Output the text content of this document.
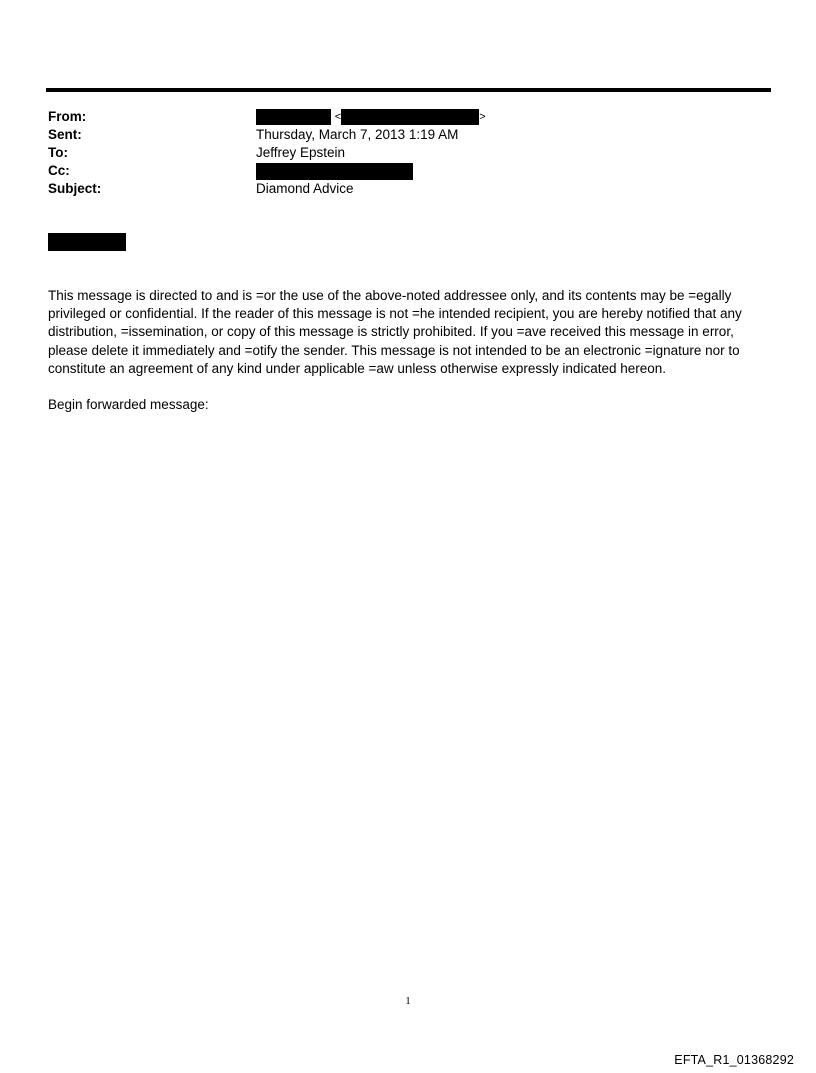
From:	<	>
Sent:	Thursday, March 7, 2013 1:19 AM
To:	Jeffrey Epstein
Cc:
Subject:	Diamond Advice
This message is directed to and is =or the use of the above-noted addressee only, and its contents may be =egally privileged or confidential. If the reader of this message is not =he intended recipient, you are hereby notified that any distribution, =issemination, or copy of this message is strictly prohibited. If you =ave received this message in error, please delete it immediately and =otify the sender. This message is not intended to be an electronic =ignature nor to constitute an agreement of any kind under applicable =aw unless otherwise expressly indicated hereon.
Begin forwarded message:
1
EFTA_R1_01368292
